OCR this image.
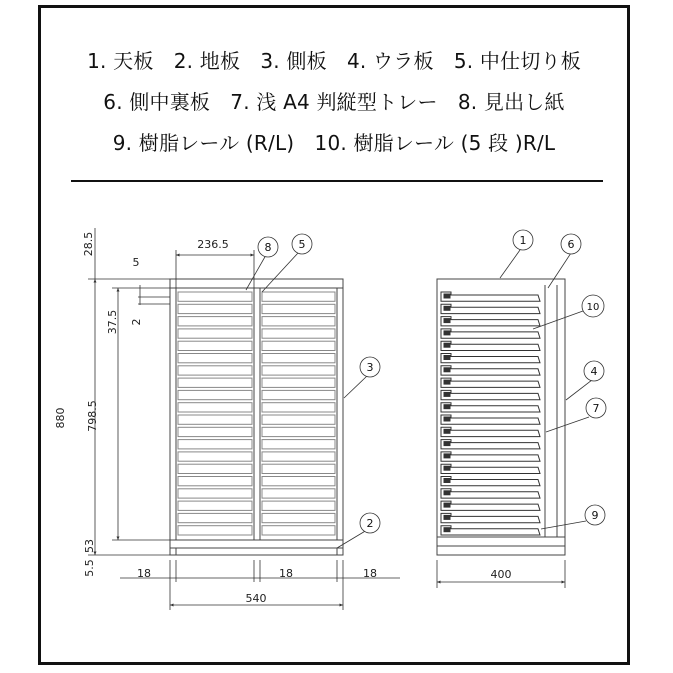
1. 天板　2. 地板　3. 側板　4. ウラ板　5. 中仕切り板
6. 側中裏板　7. 浅 A4 判縦型トレー　8. 見出し紙
9. 樹脂レール (R/L)　10. 樹脂レール (5 段 )R/L
28.5	236.5
5
37.5 2
880 798.5
53
5.5	18	18	18
540
8 5
3
2
400
1	6
10
4
7
9
